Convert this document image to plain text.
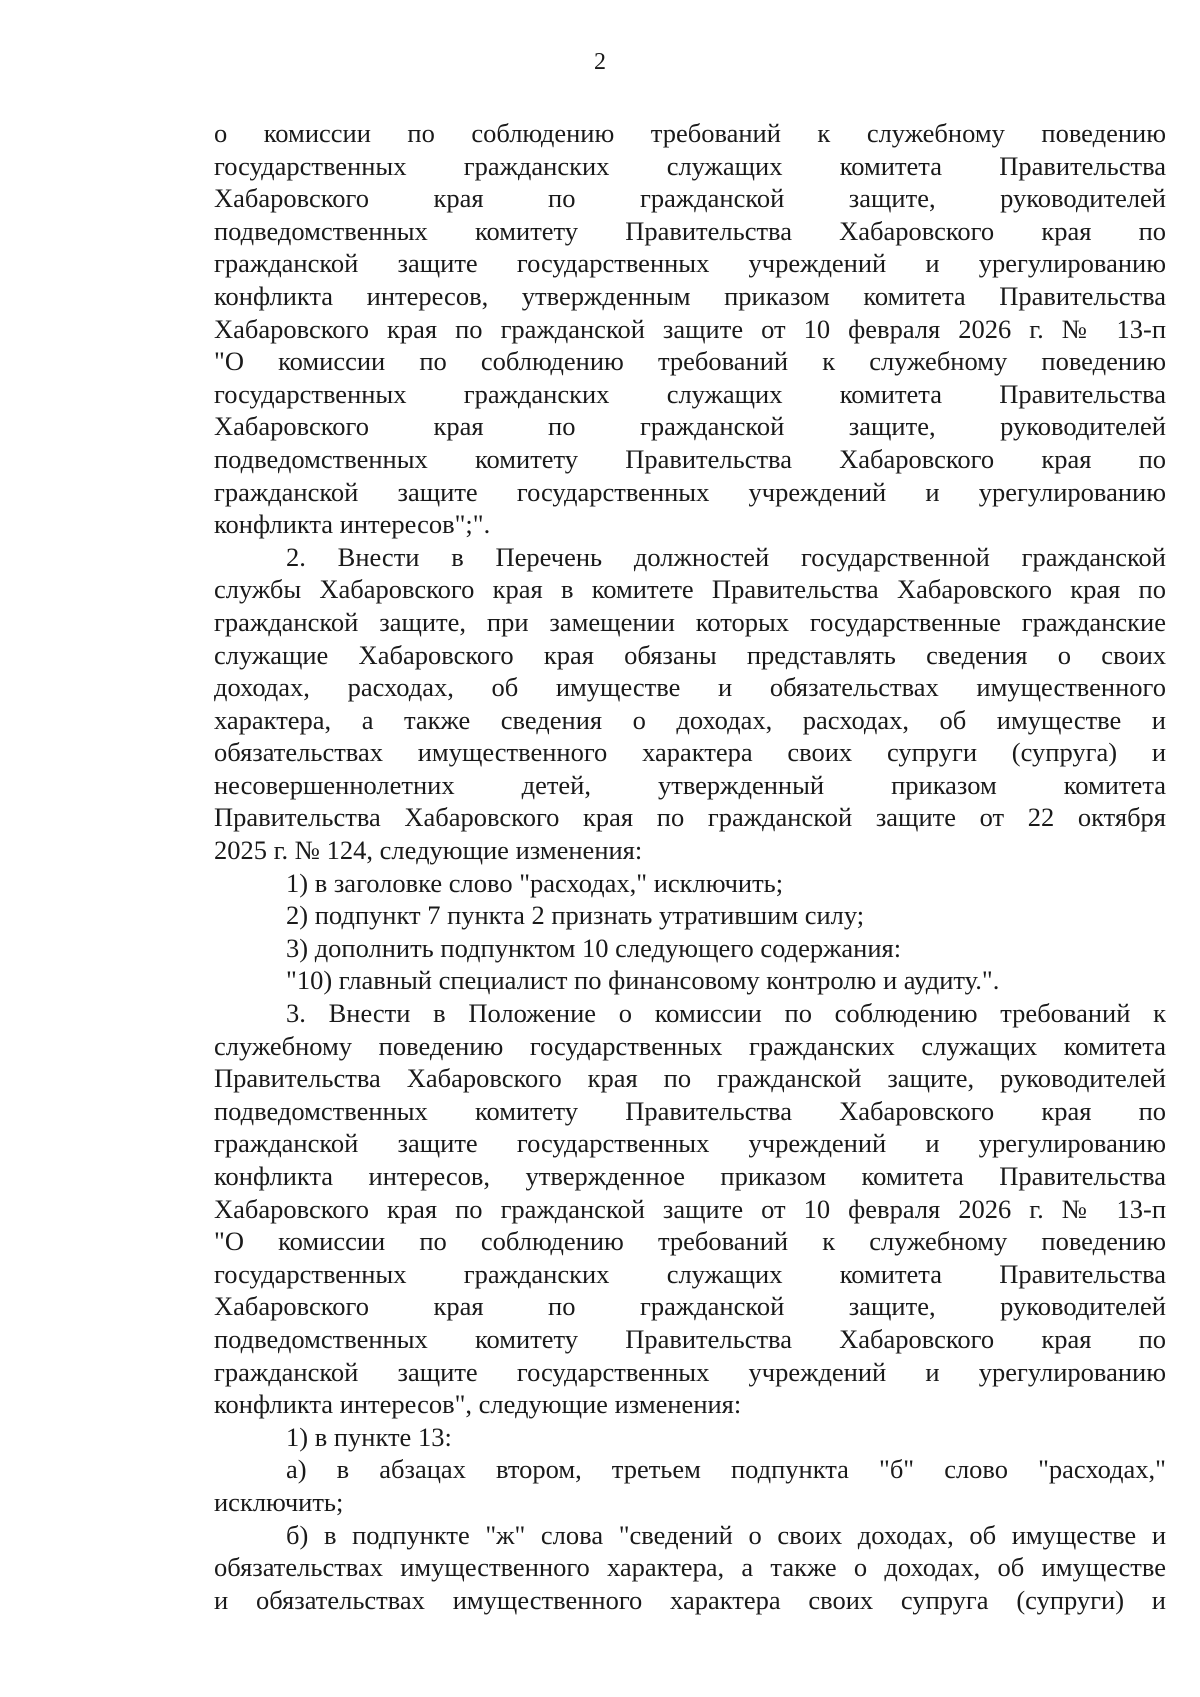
2
о комиссии по соблюдению требований к служебному поведению
государственных гражданских служащих комитета Правительства
Хабаровского края по гражданской защите, руководителей
подведомственных комитету Правительства Хабаровского края по
гражданской защите государственных учреждений и урегулированию
конфликта интересов, утвержденным приказом комитета Правительства
Хабаровского края по гражданской защите от 10 февраля 2026 г. № 13-п
"О комиссии по соблюдению требований к служебному поведению
государственных гражданских служащих комитета Правительства
Хабаровского края по гражданской защите, руководителей
подведомственных комитету Правительства Хабаровского края по
гражданской защите государственных учреждений и урегулированию
конфликта интересов";".
2. Внести в Перечень должностей государственной гражданской
службы Хабаровского края в комитете Правительства Хабаровского края по
гражданской защите, при замещении которых государственные гражданские
служащие Хабаровского края обязаны представлять сведения о своих
доходах, расходах, об имуществе и обязательствах имущественного
характера, а также сведения о доходах, расходах, об имуществе и
обязательствах имущественного характера своих супруги (супруга) и
несовершеннолетних детей, утвержденный приказом комитета
Правительства Хабаровского края по гражданской защите от 22 октября
2025 г. № 124, следующие изменения:
1) в заголовке слово "расходах," исключить;
2) подпункт 7 пункта 2 признать утратившим силу;
3) дополнить подпунктом 10 следующего содержания:
"10) главный специалист по финансовому контролю и аудиту.".
3. Внести в Положение о комиссии по соблюдению требований к
служебному поведению государственных гражданских служащих комитета
Правительства Хабаровского края по гражданской защите, руководителей
подведомственных комитету Правительства Хабаровского края по
гражданской защите государственных учреждений и урегулированию
конфликта интересов, утвержденное приказом комитета Правительства
Хабаровского края по гражданской защите от 10 февраля 2026 г. № 13-п
"О комиссии по соблюдению требований к служебному поведению
государственных гражданских служащих комитета Правительства
Хабаровского края по гражданской защите, руководителей
подведомственных комитету Правительства Хабаровского края по
гражданской защите государственных учреждений и урегулированию
конфликта интересов", следующие изменения:
1) в пункте 13:
а) в абзацах втором, третьем подпункта "б" слово "расходах,"
исключить;
б) в подпункте "ж" слова "сведений о своих доходах, об имуществе и
обязательствах имущественного характера, а также о доходах, об имуществе
и обязательствах имущественного характера своих супруга (супруги) и
